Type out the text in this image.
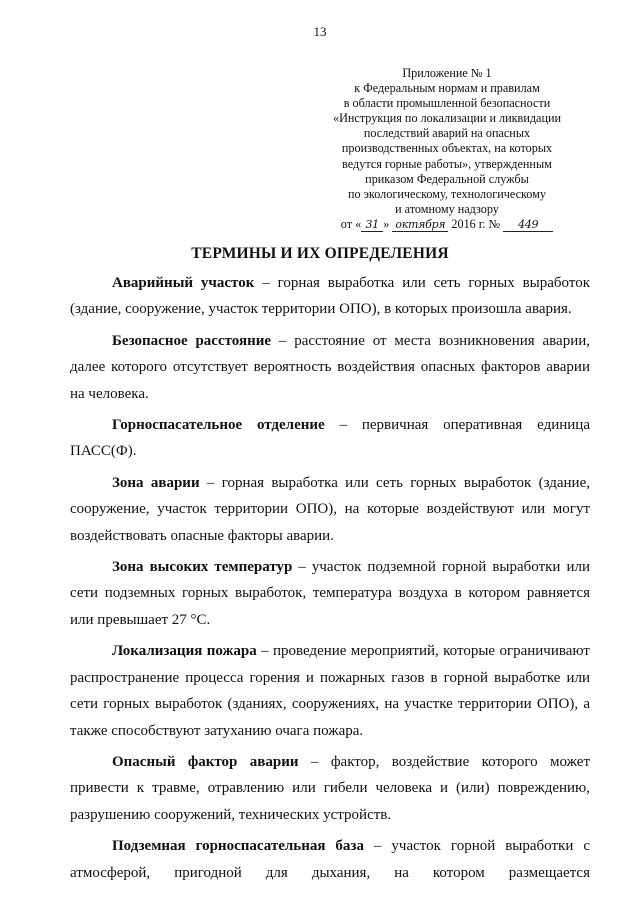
13
Приложение № 1
к Федеральным нормам и правилам
в области промышленной безопасности
«Инструкция по локализации и ликвидации
последствий аварий на опасных
производственных объектах, на которых
ведутся горные работы», утвержденным
приказом Федеральной службы
по экологическому, технологическому
и атомному надзору
от « 31 » октября 2016 г. № 449
ТЕРМИНЫ И ИХ ОПРЕДЕЛЕНИЯ

Аварийный участок – горная выработка или сеть горных выработок (здание, сооружение, участок территории ОПО), в которых произошла авария.

Безопасное расстояние – расстояние от места возникновения аварии, далее которого отсутствует вероятность воздействия опасных факторов аварии на человека.

Горноспасательное отделение – первичная оперативная единица ПАСС(Ф).

Зона аварии – горная выработка или сеть горных выработок (здание, сооружение, участок территории ОПО), на которые воздействуют или могут воздействовать опасные факторы аварии.

Зона высоких температур – участок подземной горной выработки или сети подземных горных выработок, температура воздуха в котором равняется или превышает 27 °С.

Локализация пожара – проведение мероприятий, которые ограничивают распространение процесса горения и пожарных газов в горной выработке или сети горных выработок (зданиях, сооружениях, на участке территории ОПО), а также способствуют затуханию очага пожара.

Опасный фактор аварии – фактор, воздействие которого может привести к травме, отравлению или гибели человека и (или) повреждению, разрушению сооружений, технических устройств.

Подземная горноспасательная база – участок горной выработки с атмосферой, пригодной для дыхания, на котором размещается
